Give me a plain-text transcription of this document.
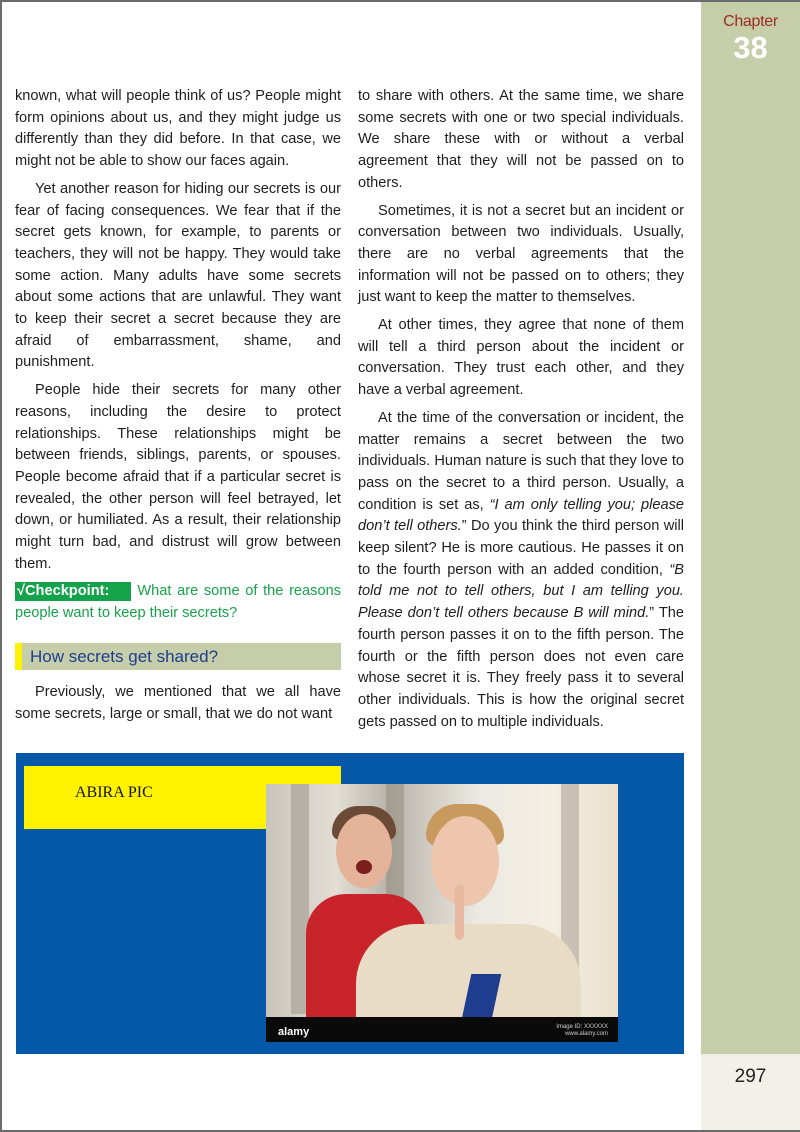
Chapter
38
297

known, what will people think of us? People might form opinions about us, and they might judge us differently than they did before. In that case, we might not be able to show our faces again.

Yet another reason for hiding our secrets is our fear of facing consequences. We fear that if the secret gets known, for example, to parents or teachers, they will not be happy. They would take some action. Many adults have some secrets about some actions that are unlawful. They want to keep their secret a secret because they are afraid of embarrassment, shame, and punishment.

People hide their secrets for many other reasons, including the desire to protect relationships. These relationships might be between friends, siblings, parents, or spouses. People become afraid that if a particular secret is revealed, the other person will feel betrayed, let down, or humiliated. As a result, their relationship might turn bad, and distrust will grow between them.

√Checkpoint: What are some of the reasons people want to keep their secrets?

How secrets get shared?

Previously, we mentioned that we all have some secrets, large or small, that we do not want

to share with others. At the same time, we share some secrets with one or two special individuals. We share these with or without a verbal agreement that they will not be passed on to others.

Sometimes, it is not a secret but an incident or conversation between two individuals. Usually, there are no verbal agreements that the information will not be passed on to others; they just want to keep the matter to themselves.

At other times, they agree that none of them will tell a third person about the incident or conversation. They trust each other, and they have a verbal agreement.

At the time of the conversation or incident, the matter remains a secret between the two individuals. Human nature is such that they love to pass on the secret to a third person. Usually, a condition is set as, “I am only telling you; please don’t tell others.” Do you think the third person will keep silent? He is more cautious. He passes it on to the fourth person with an added condition, “B told me not to tell others, but I am telling you. Please don’t tell others because B will mind.” The fourth person passes it on to the fifth person. The fourth or the fifth person does not even care whose secret it is. They freely pass it to several other individuals. This is how the original secret gets passed on to multiple individuals.

ABIRA PIC
alamy	Image ID: XXXXXX
www.alamy.com
